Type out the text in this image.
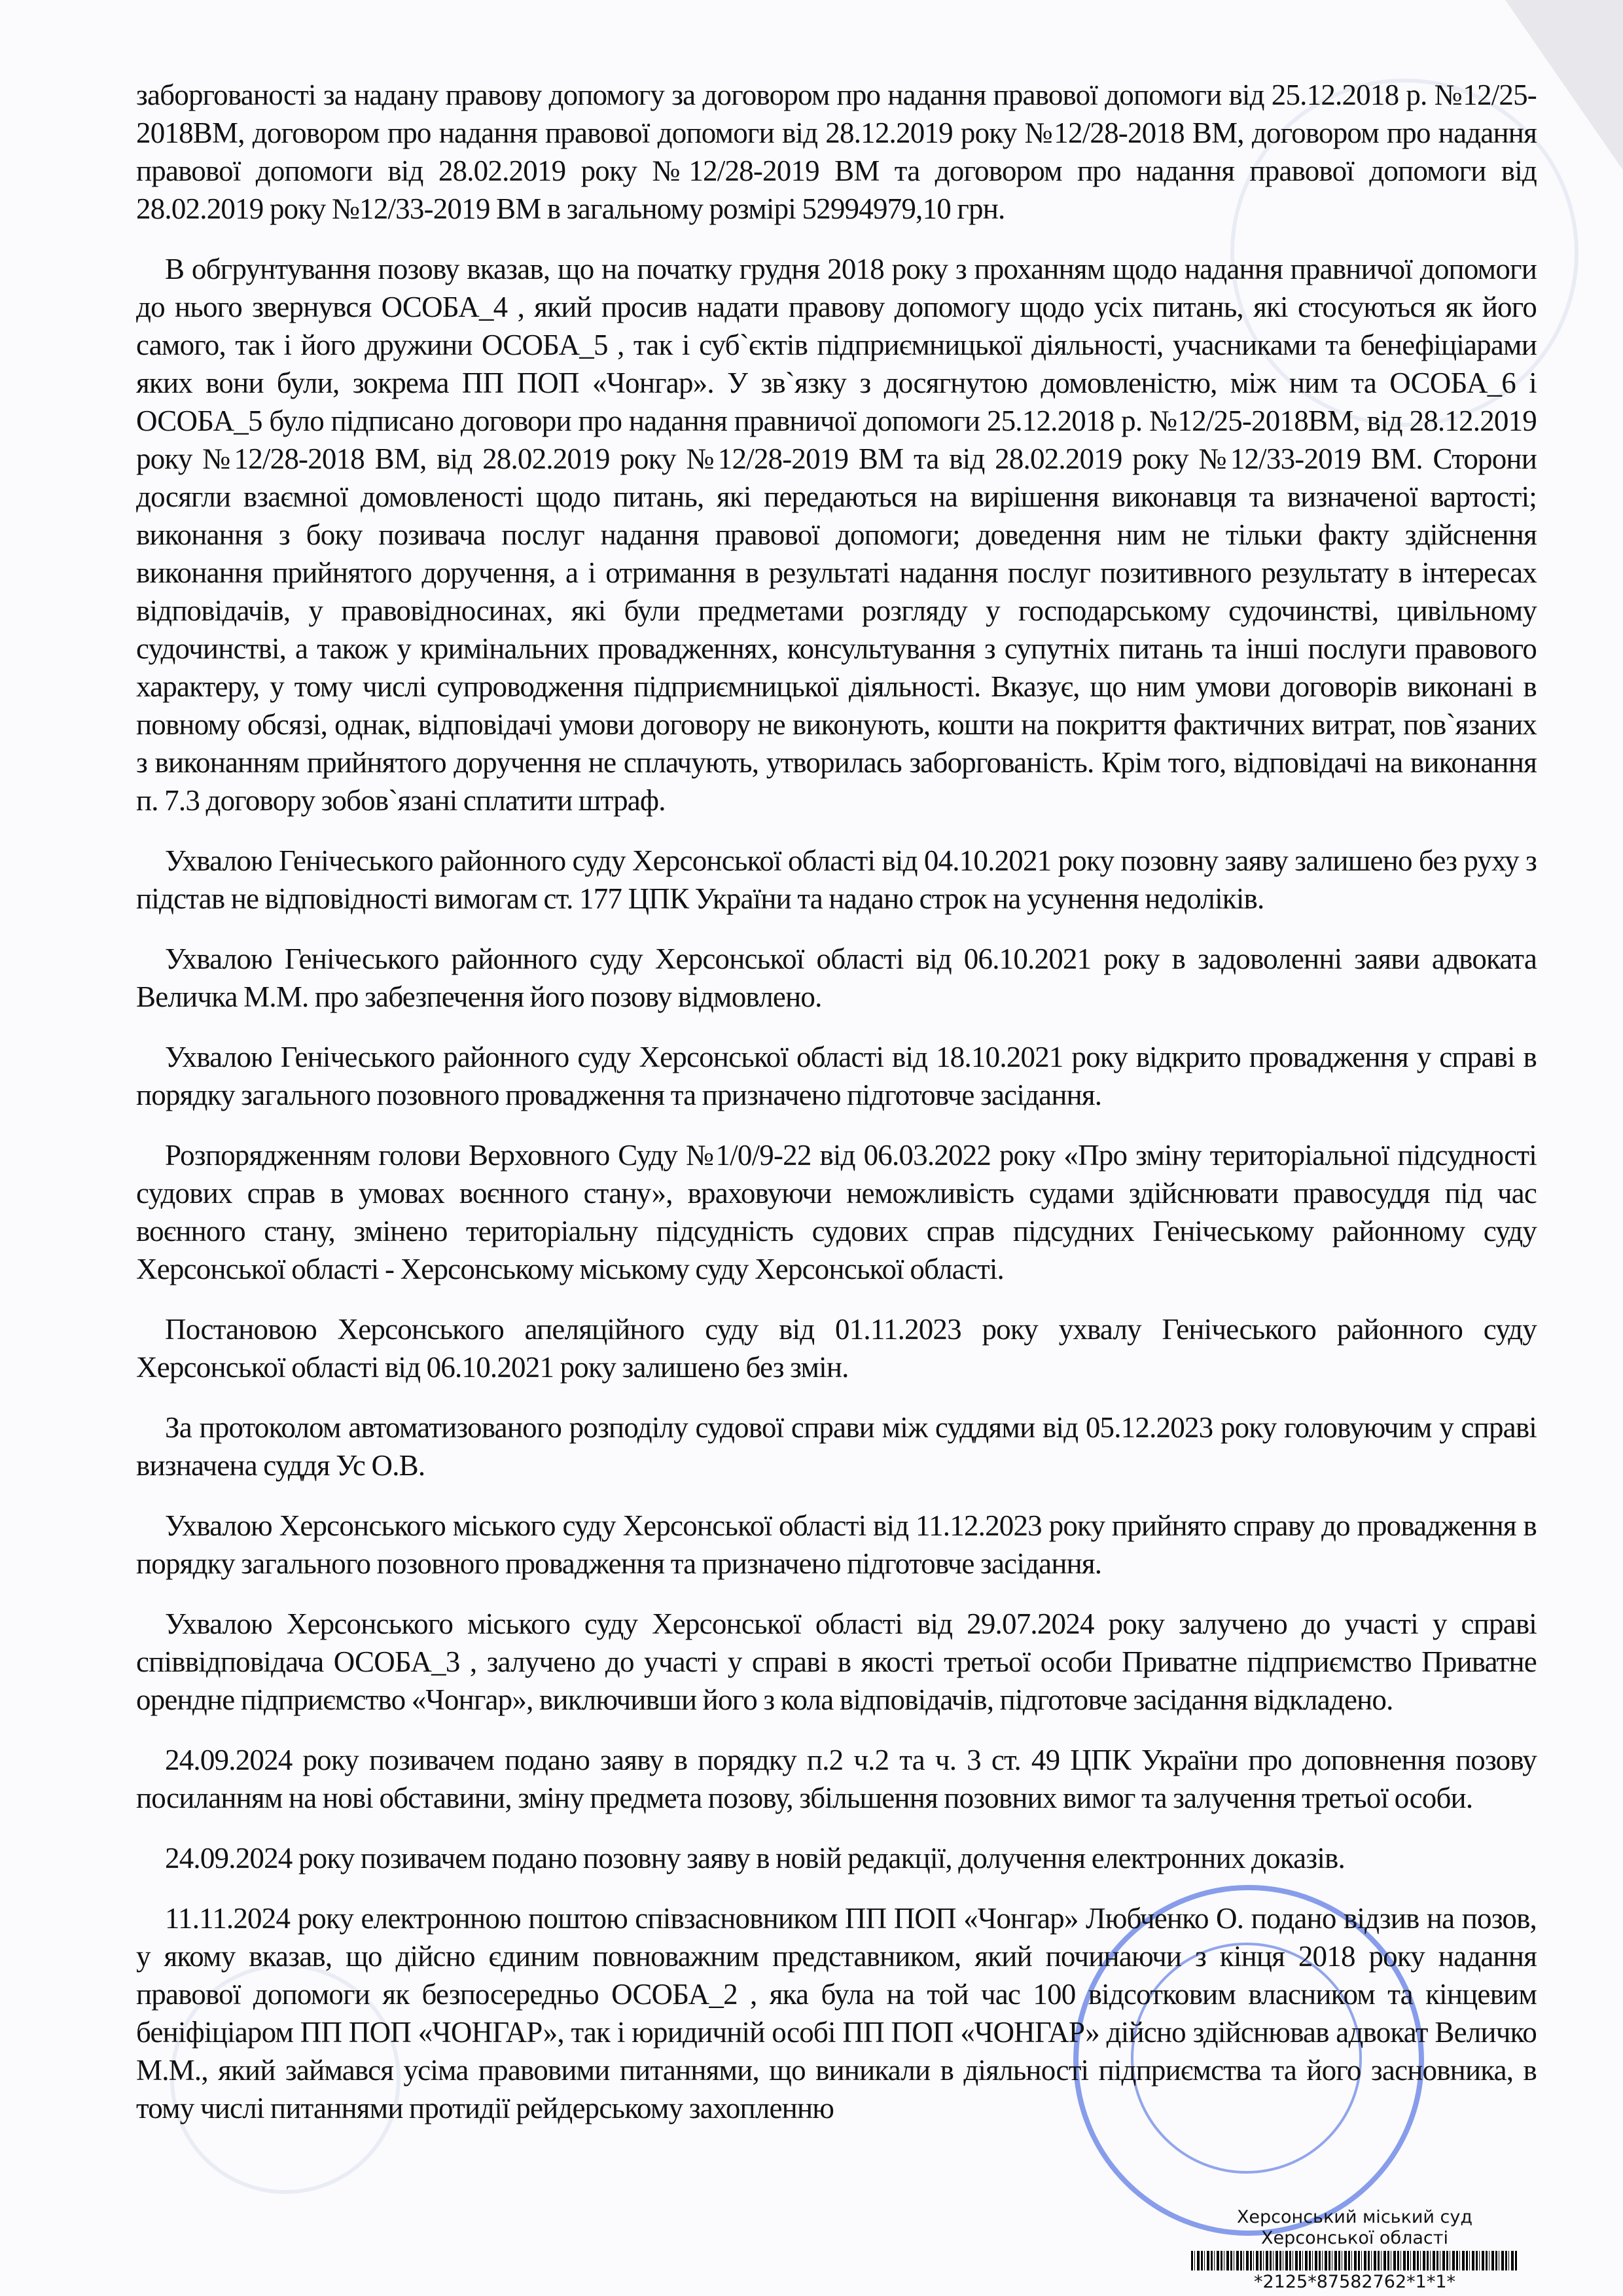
заборгованості за надану правову допомогу за договором про надання правової допомоги від 25.12.2018 р. №12/25-2018ВМ, договором про надання правової допомоги від 28.12.2019 року №12/28-2018 ВМ, договором про надання правової допомоги від 28.02.2019 року №12/28-2019 ВМ та договором про надання правової допомоги від 28.02.2019 року №12/33-2019 ВМ в загальному розмірі 52994979,10 грн.

В обгрунтування позову вказав, що на початку грудня 2018 року з проханням щодо надання правничої допомоги до нього звернувся ОСОБА_4 , який просив надати правову допомогу щодо усіх питань, які стосуються як його самого, так і його дружини ОСОБА_5 , так і суб`єктів підприємницької діяльності, учасниками та бенефіціарами яких вони були, зокрема ПП ПОП «Чонгар». У зв`язку з досягнутою домовленістю, між ним та ОСОБА_6 і ОСОБА_5 було підписано договори про надання правничої допомоги 25.12.2018 р. №12/25-2018ВМ, від 28.12.2019 року №12/28-2018 ВМ, від 28.02.2019 року №12/28-2019 ВМ та від 28.02.2019 року №12/33-2019 ВМ. Сторони досягли взаємної домовленості щодо питань, які передаються на вирішення виконавця та визначеної вартості; виконання з боку позивача послуг надання правової допомоги; доведення ним не тільки факту здійснення виконання прийнятого доручення, а і отримання в результаті надання послуг позитивного результату в інтересах відповідачів, у правовідносинах, які були предметами розгляду у господарському судочинстві, цивільному судочинстві, а також у кримінальних провадженнях, консультування з супутніх питань та інші послуги правового характеру, у тому числі супроводження підприємницької діяльності. Вказує, що ним умови договорів виконані в повному обсязі, однак, відповідачі умови договору не виконують, кошти на покриття фактичних витрат, пов`язаних з виконанням прийнятого доручення не сплачують, утворилась заборгованість. Крім того, відповідачі на виконання п. 7.3 договору зобов`язані сплатити штраф.

Ухвалою Генічеського районного суду Херсонської області від 04.10.2021 року позовну заяву залишено без руху з підстав не відповідності вимогам ст. 177 ЦПК України та надано строк на усунення недоліків.

Ухвалою Генічеського районного суду Херсонської області від 06.10.2021 року в задоволенні заяви адвоката Величка М.М. про забезпечення його позову відмовлено.

Ухвалою Генічеського районного суду Херсонської області від 18.10.2021 року відкрито провадження у справі в порядку загального позовного провадження та призначено підготовче засідання.

Розпорядженням голови Верховного Суду №1/0/9-22 від 06.03.2022 року «Про зміну територіальної підсудності судових справ в умовах воєнного стану», враховуючи неможливість судами здійснювати правосуддя під час воєнного стану, змінено територіальну підсудність судових справ підсудних Генічеському районному суду Херсонської області - Херсонському міському суду Херсонської області.

Постановою Херсонського апеляційного суду від 01.11.2023 року ухвалу Генічеського районного суду Херсонської області від 06.10.2021 року залишено без змін.

За протоколом автоматизованого розподілу судової справи між суддями від 05.12.2023 року головуючим у справі визначена суддя Ус О.В.

Ухвалою Херсонського міського суду Херсонської області від 11.12.2023 року прийнято справу до провадження в порядку загального позовного провадження та призначено підготовче засідання.

Ухвалою Херсонського міського суду Херсонської області від 29.07.2024 року залучено до участі у справі співвідповідача ОСОБА_3 , залучено до участі у справі в якості третьої особи Приватне підприємство Приватне орендне підприємство «Чонгар», виключивши його з кола відповідачів, підготовче засідання відкладено.

24.09.2024 року позивачем подано заяву в порядку п.2 ч.2 та ч. 3 ст. 49 ЦПК України про доповнення позову посиланням на нові обставини, зміну предмета позову, збільшення позовних вимог та залучення третьої особи.

24.09.2024 року позивачем подано позовну заяву в новій редакції, долучення електронних доказів.

11.11.2024 року електронною поштою співзасновником ПП ПОП «Чонгар» Любченко О. подано відзив на позов, у якому вказав, що дійсно єдиним повноважним представником, який починаючи з кінця 2018 року надання правової допомоги як безпосередньо ОСОБА_2 , яка була на той час 100 відсотковим власником та кінцевим беніфіціаром ПП ПОП «ЧОНГАР», так і юридичній особі ПП ПОП «ЧОНГАР» дійсно здійснював адвокат Величко М.М., який займався усіма правовими питаннями, що виникали в діяльності підприємства та його засновника, в тому числі питаннями протидії рейдерському захопленню

Херсонський міський суд
Херсонської області
*2125*87582762*1*1*
